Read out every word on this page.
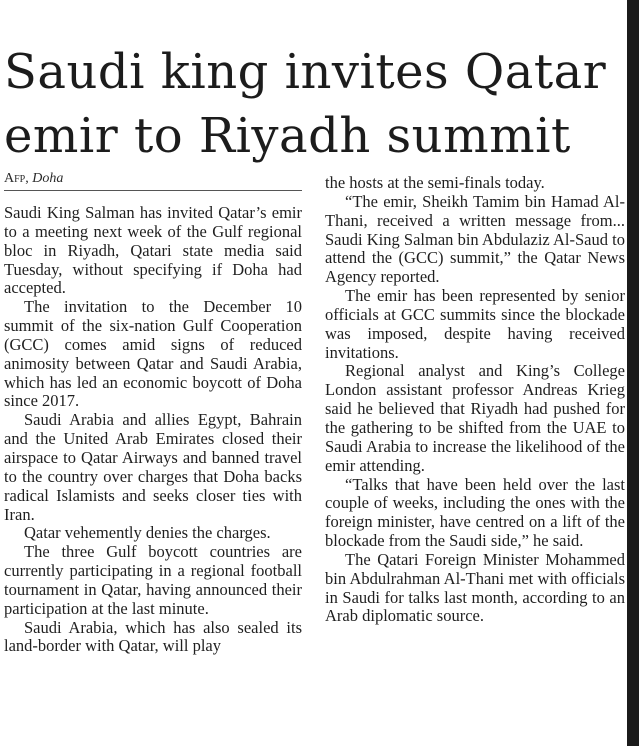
Saudi king invites Qatar
emir to Riyadh summit
Afp, Doha

Saudi King Salman has invited Qatar’s emir to a meeting next week of the Gulf regional bloc in Riyadh, Qatari state media said Tuesday, without specifying if Doha had accepted.

The invitation to the December 10 summit of the six-nation Gulf Cooperation (GCC) comes amid signs of reduced animosity between Qatar and Saudi Arabia, which has led an economic boycott of Doha since 2017.

Saudi Arabia and allies Egypt, Bahrain and the United Arab Emirates closed their airspace to Qatar Airways and banned travel to the country over charges that Doha backs radical Islamists and seeks closer ties with Iran.

Qatar vehemently denies the charges.

The three Gulf boycott countries are currently participating in a regional football tournament in Qatar, having announced their participation at the last minute.

Saudi Arabia, which has also sealed its land-border with Qatar, will play

the hosts at the semi-finals today.

“The emir, Sheikh Tamim bin Hamad Al-Thani, received a written message from... Saudi King Salman bin Abdulaziz Al-Saud to attend the (GCC) summit,” the Qatar News Agency reported.

The emir has been represented by senior officials at GCC summits since the blockade was imposed, despite having received invitations.

Regional analyst and King’s College London assistant professor Andreas Krieg said he believed that Riyadh had pushed for the gathering to be shifted from the UAE to Saudi Arabia to increase the likelihood of the emir attending.

“Talks that have been held over the last couple of weeks, including the ones with the foreign minister, have centred on a lift of the blockade from the Saudi side,” he said.

The Qatari Foreign Minister Mohammed bin Abdulrahman Al-Thani met with officials in Saudi for talks last month, according to an Arab diplomatic source.
